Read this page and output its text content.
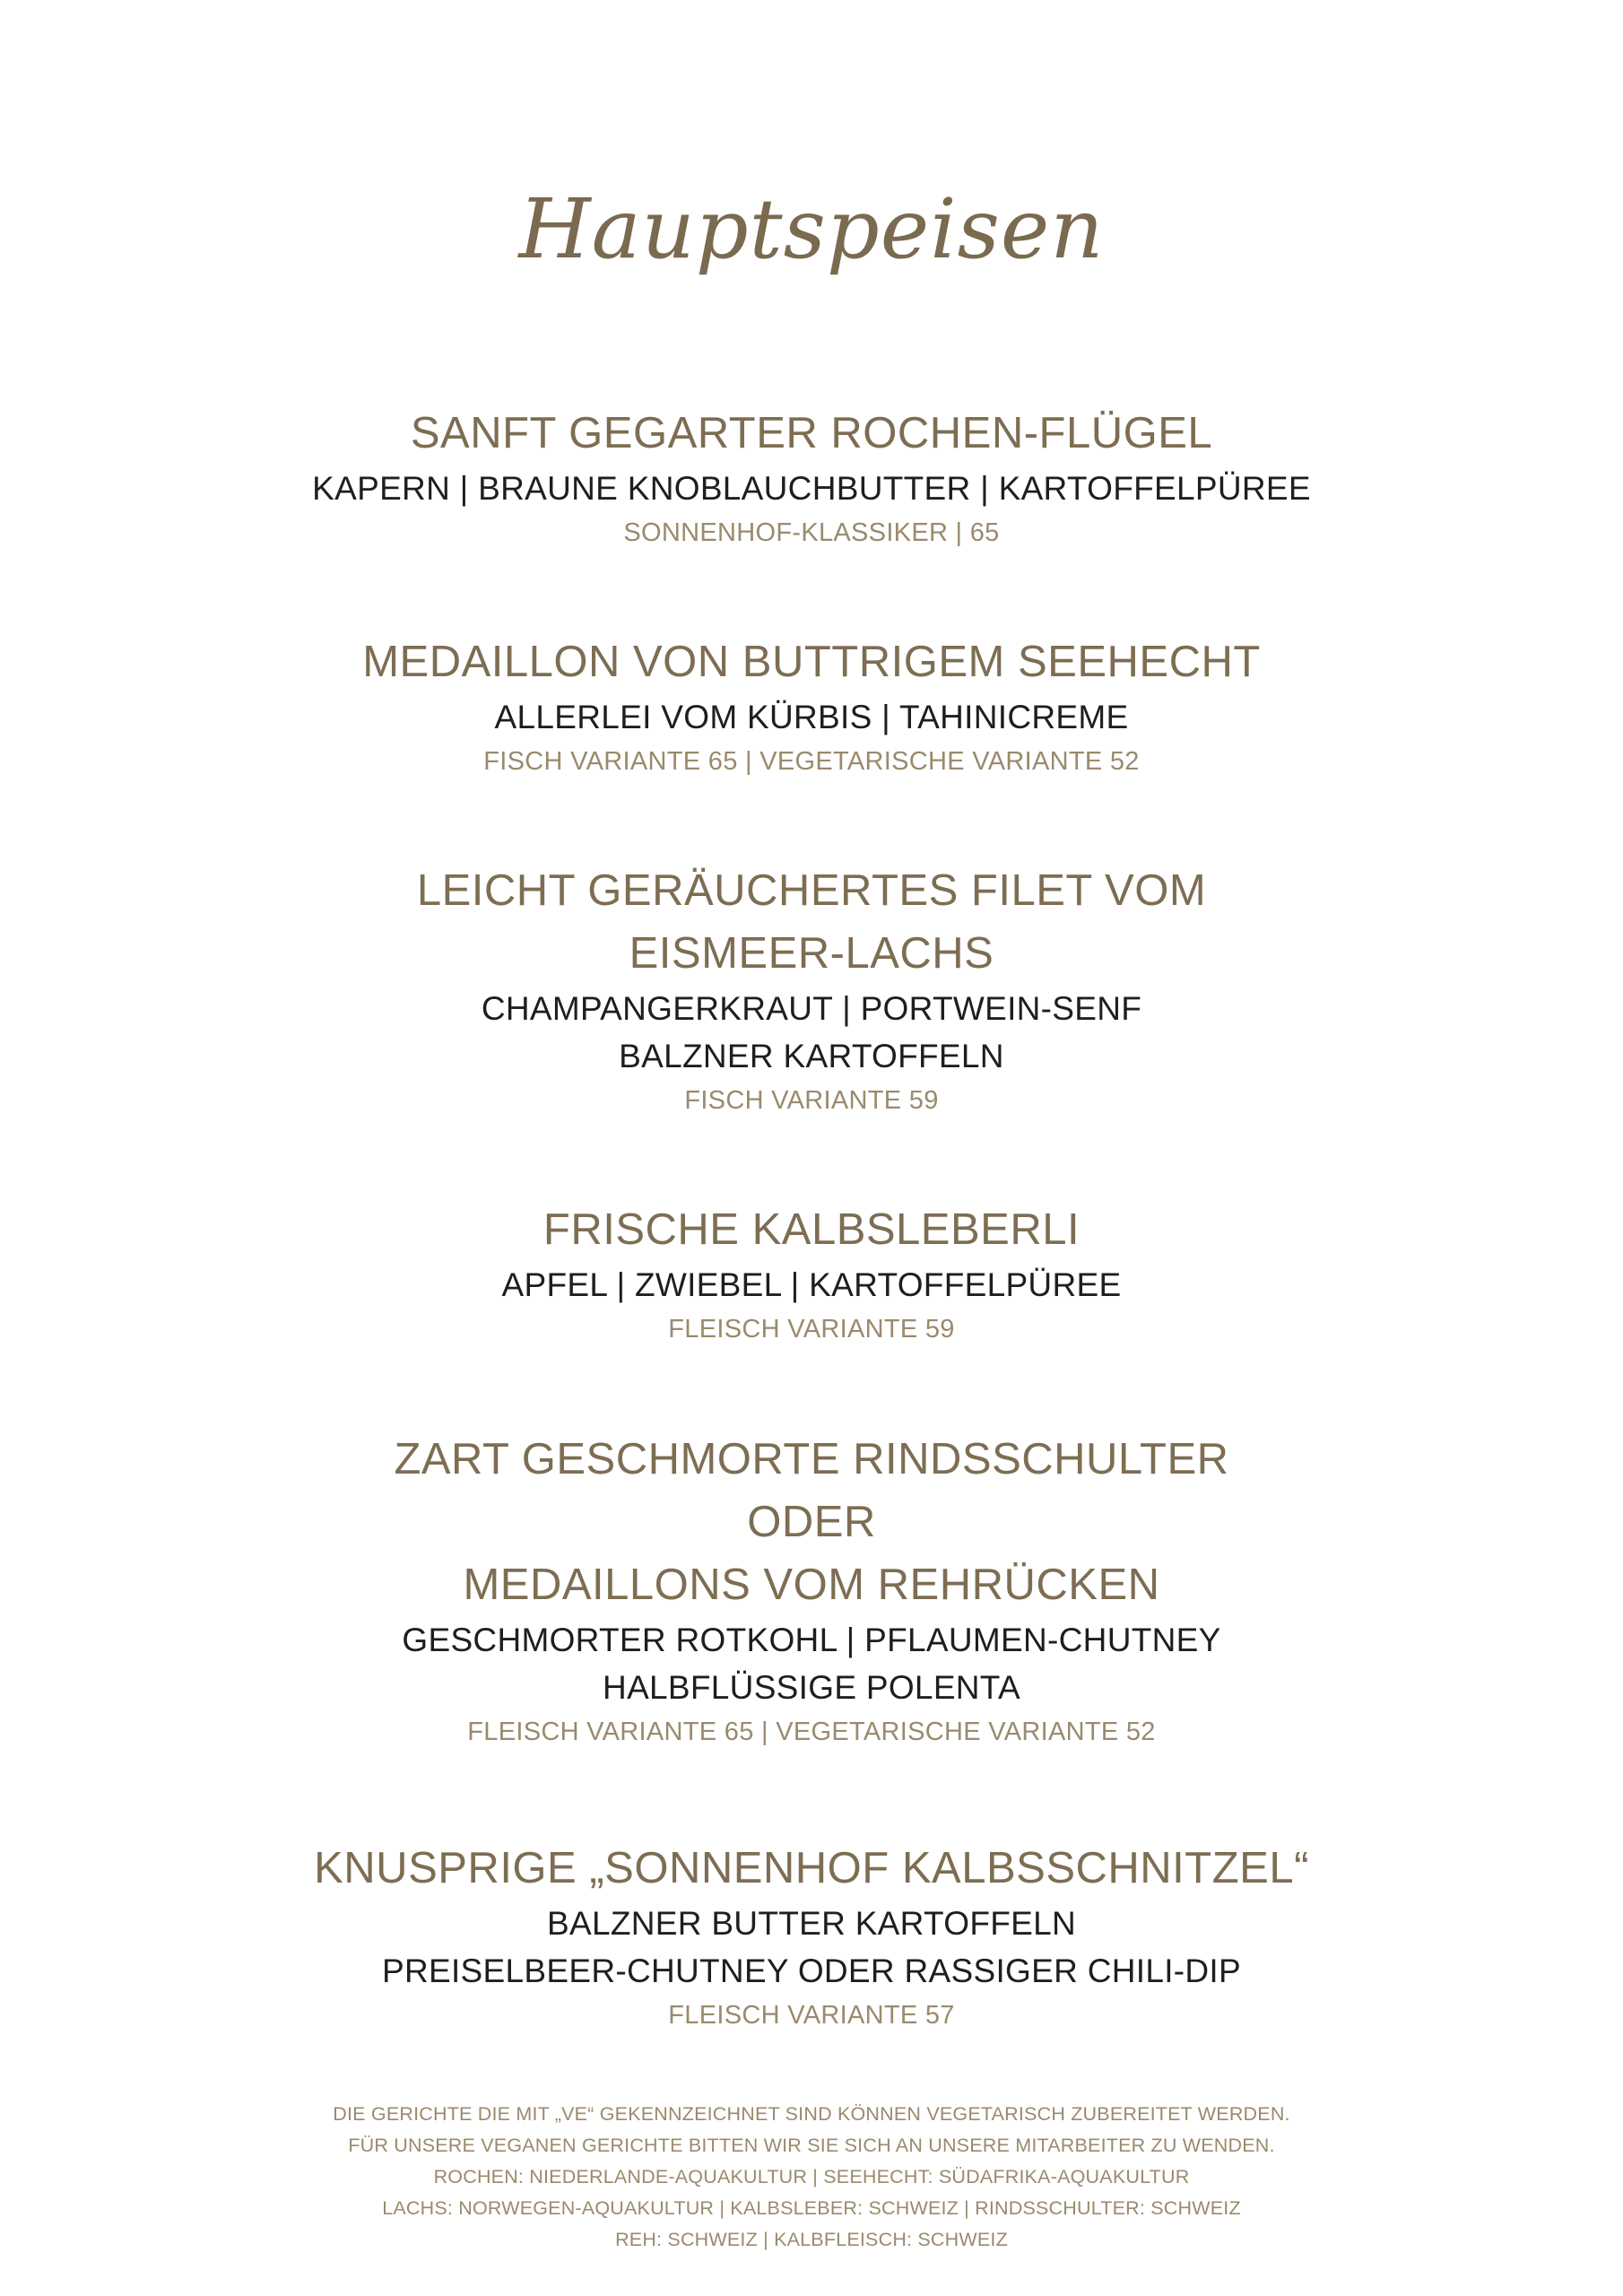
Hauptspeisen
SANFT GEGARTER ROCHEN-FLÜGEL
KAPERN | BRAUNE KNOBLAUCHBUTTER | KARTOFFELPÜREE
SONNENHOF-KLASSIKER | 65
MEDAILLON VON BUTTRIGEM SEEHECHT
ALLERLEI VOM KÜRBIS | TAHINICREME
FISCH VARIANTE 65 | VEGETARISCHE VARIANTE 52
LEICHT GERÄUCHERTES FILET VOM
EISMEER-LACHS
CHAMPANGERKRAUT | PORTWEIN-SENF
BALZNER KARTOFFELN
FISCH VARIANTE 59
FRISCHE KALBSLEBERLI
APFEL | ZWIEBEL | KARTOFFELPÜREE
FLEISCH VARIANTE 59
ZART GESCHMORTE RINDSSCHULTER
ODER
MEDAILLONS VOM REHRÜCKEN
GESCHMORTER ROTKOHL | PFLAUMEN-CHUTNEY
HALBFLÜSSIGE POLENTA
FLEISCH VARIANTE 65 | VEGETARISCHE VARIANTE 52
KNUSPRIGE „SONNENHOF KALBSSCHNITZEL“
BALZNER BUTTER KARTOFFELN
PREISELBEER-CHUTNEY ODER RASSIGER CHILI-DIP
FLEISCH VARIANTE 57
DIE GERICHTE DIE MIT „VE“ GEKENNZEICHNET SIND KÖNNEN VEGETARISCH ZUBEREITET WERDEN.
FÜR UNSERE VEGANEN GERICHTE BITTEN WIR SIE SICH AN UNSERE MITARBEITER ZU WENDEN.
ROCHEN: NIEDERLANDE-AQUAKULTUR | SEEHECHT: SÜDAFRIKA-AQUAKULTUR
LACHS: NORWEGEN-AQUAKULTUR | KALBSLEBER: SCHWEIZ | RINDSSCHULTER: SCHWEIZ
REH: SCHWEIZ | KALBFLEISCH: SCHWEIZ
